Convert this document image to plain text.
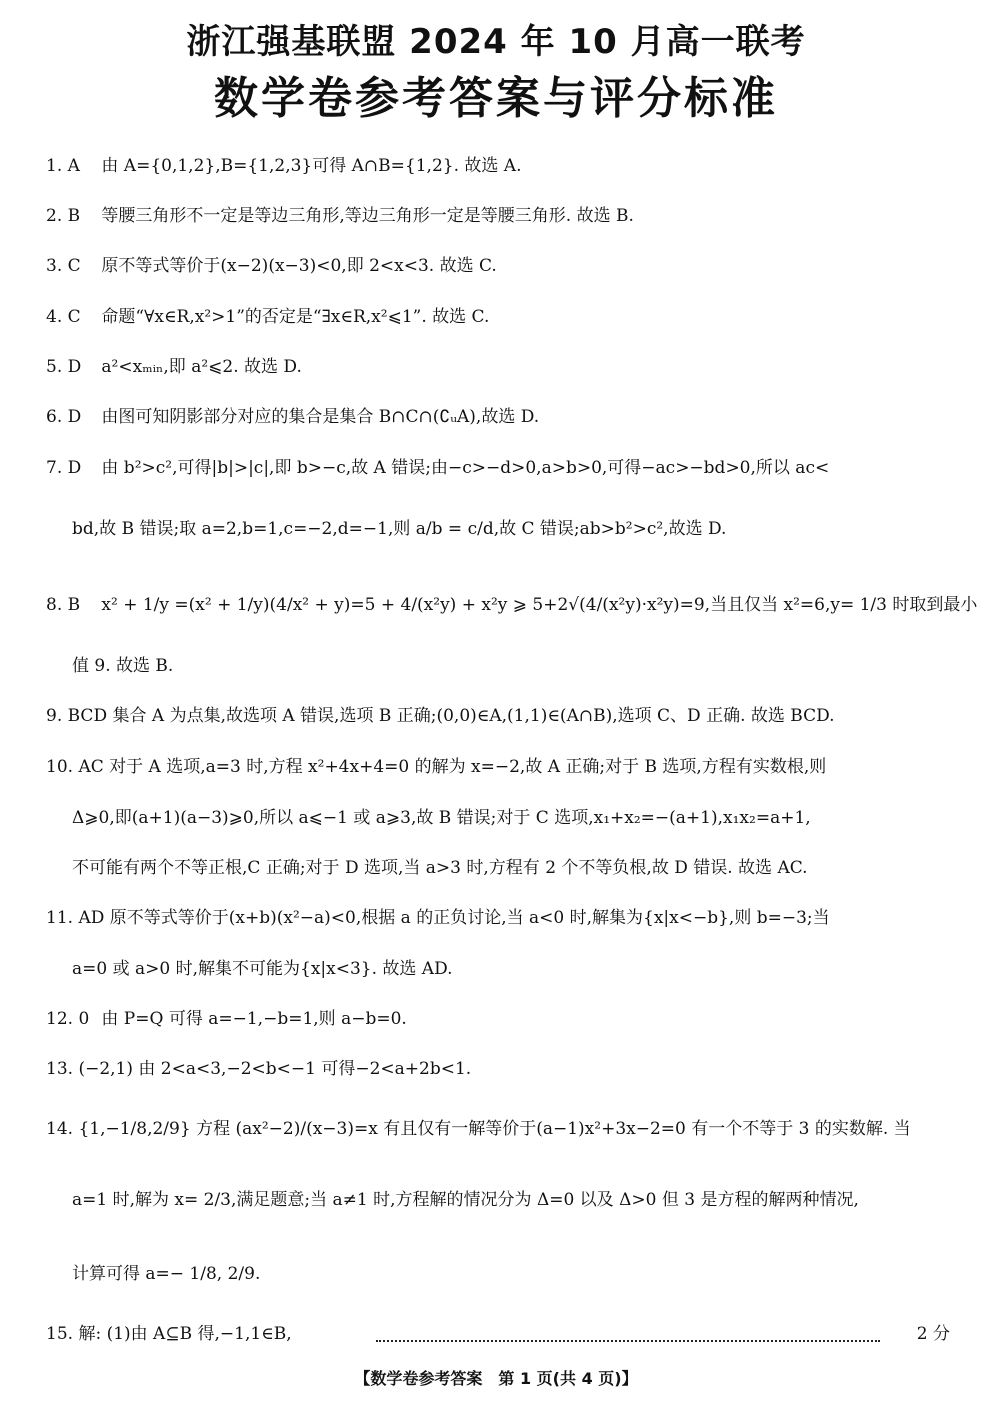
浙江强基联盟 2024 年 10 月高一联考
数学卷参考答案与评分标准
1. A 由 A={0,1,2},B={1,2,3}可得 A∩B={1,2}. 故选 A.
2. B 等腰三角形不一定是等边三角形,等边三角形一定是等腰三角形. 故选 B.
3. C 原不等式等价于(x−2)(x−3)<0,即 2<x<3. 故选 C.
4. C 命题“∀x∈R,x²>1”的否定是“∃x∈R,x²⩽1”. 故选 C.
5. D a²<xₘᵢₙ,即 a²⩽2. 故选 D.
6. D 由图可知阴影部分对应的集合是集合 B∩C∩(∁ᵤA),故选 D.
7. D 由 b²>c²,可得|b|>|c|,即 b>−c,故 A 错误;由−c>−d>0,a>b>0,可得−ac>−bd>0,所以 ac<
bd,故 B 错误;取 a=2,b=1,c=−2,d=−1,则 a/b = c/d,故 C 错误;ab>b²>c²,故选 D.
8. B x² + 1/y =(x² + 1/y)(4/x² + y)=5 + 4/(x²y) + x²y ⩾ 5+2√(4/(x²y)·x²y)=9,当且仅当 x²=6,y= 1/3 时取到最小
值 9. 故选 B.
9. BCD 集合 A 为点集,故选项 A 错误,选项 B 正确;(0,0)∈A,(1,1)∈(A∩B),选项 C、D 正确. 故选 BCD.
10. AC 对于 A 选项,a=3 时,方程 x²+4x+4=0 的解为 x=−2,故 A 正确;对于 B 选项,方程有实数根,则
Δ⩾0,即(a+1)(a−3)⩾0,所以 a⩽−1 或 a⩾3,故 B 错误;对于 C 选项,x₁+x₂=−(a+1),x₁x₂=a+1,
不可能有两个不等正根,C 正确;对于 D 选项,当 a>3 时,方程有 2 个不等负根,故 D 错误. 故选 AC.
11. AD 原不等式等价于(x+b)(x²−a)<0,根据 a 的正负讨论,当 a<0 时,解集为{x|x<−b},则 b=−3;当
a=0 或 a>0 时,解集不可能为{x|x<3}. 故选 AD.
12. 0 由 P=Q 可得 a=−1,−b=1,则 a−b=0.
13. (−2,1) 由 2<a<3,−2<b<−1 可得−2<a+2b<1.
14. {1,−1/8,2/9} 方程 (ax²−2)/(x−3)=x 有且仅有一解等价于(a−1)x²+3x−2=0 有一个不等于 3 的实数解. 当
a=1 时,解为 x= 2/3,满足题意;当 a≠1 时,方程解的情况分为 Δ=0 以及 Δ>0 但 3 是方程的解两种情况,
计算可得 a=− 1/8, 2/9.
15. 解: (1)由 A⊆B 得,−1,1∈B,	2 分
【数学卷参考答案　第 1 页(共 4 页)】
